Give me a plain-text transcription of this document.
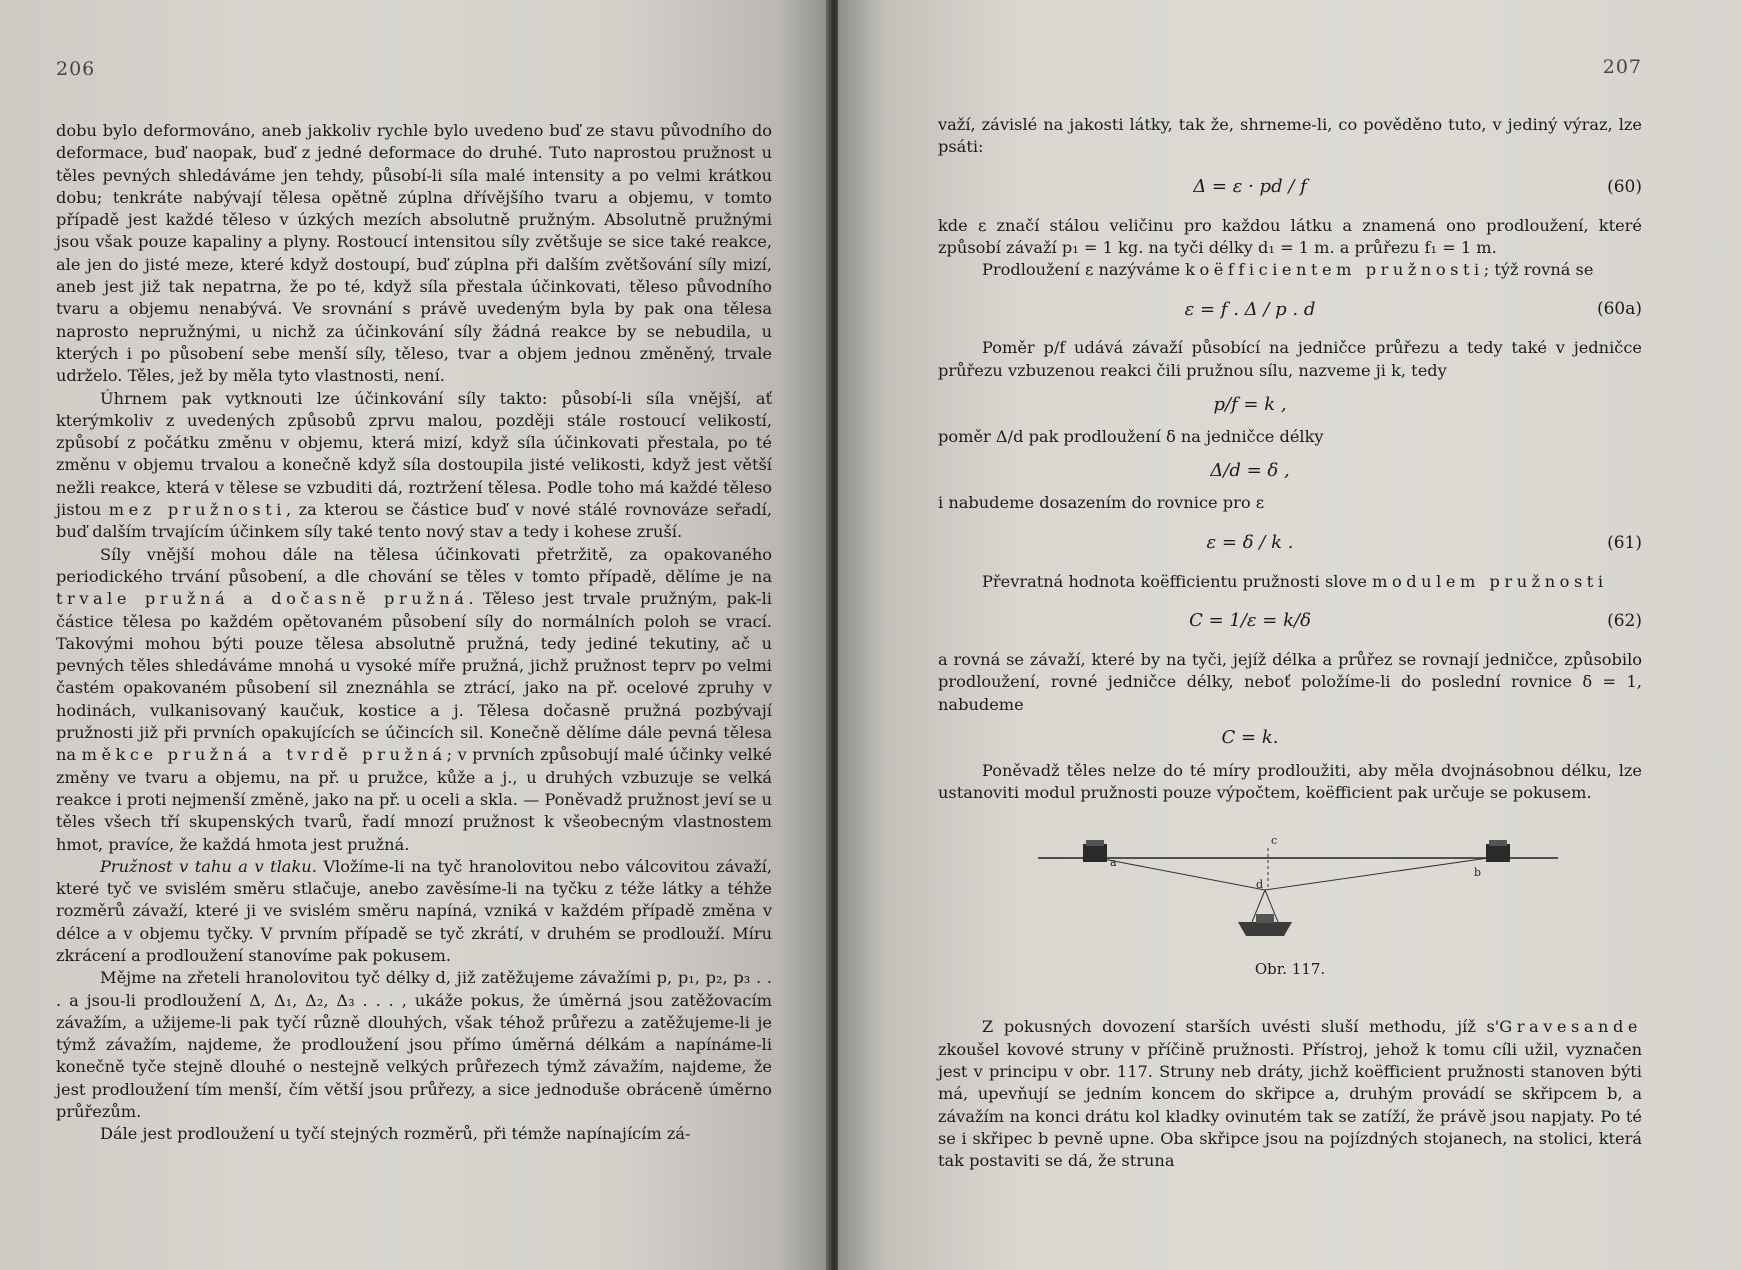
206

dobu bylo deformováno, aneb jakkoliv rychle bylo uvedeno buď ze stavu původního do deformace, buď naopak, buď z jedné deformace do druhé. Tuto naprostou pružnost u těles pevných shledáváme jen tehdy, působí-li síla malé intensity a po velmi krátkou dobu; tenkráte nabývají tělesa opětně zúplna dřívějšího tvaru a objemu, v tomto případě jest každé těleso v úzkých mezích absolutně pružným. Absolutně pružnými jsou však pouze kapaliny a plyny. Rostoucí intensitou síly zvětšuje se sice také reakce, ale jen do jisté meze, které když dostoupí, buď zúplna při dalším zvětšování síly mizí, aneb jest již tak nepatrna, že po té, když síla přestala účinkovati, těleso původního tvaru a objemu nenabývá. Ve srovnání s právě uvedeným byla by pak ona tělesa naprosto nepružnými, u nichž za účinkování síly žádná reakce by se nebudila, u kterých i po působení sebe menší síly, těleso, tvar a objem jednou změněný, trvale udrželo. Těles, jež by měla tyto vlastnosti, není.

Úhrnem pak vytknouti lze účinkování síly takto: působí-li síla vnější, ať kterýmkoliv z uvedených způsobů zprvu malou, později stále rostoucí velikostí, způsobí z počátku změnu v objemu, která mizí, když síla účinkovati přestala, po té změnu v objemu trvalou a konečně když síla dostoupila jisté velikosti, když jest větší nežli reakce, která v tělese se vzbuditi dá, roztržení tělesa. Podle toho má každé těleso jistou mez pružnosti, za kterou se částice buď v nové stálé rovnováze seřadí, buď dalším trvajícím účinkem síly také tento nový stav a tedy i kohese zruší.

Síly vnější mohou dále na tělesa účinkovati přetržitě, za opakovaného periodického trvání působení, a dle chování se těles v tomto případě, dělíme je na trvale pružná a dočasně pružná. Těleso jest trvale pružným, pak-li částice tělesa po každém opětovaném působení síly do normálních poloh se vrací. Takovými mohou býti pouze tělesa absolutně pružná, tedy jediné tekutiny, ač u pevných těles shledáváme mnohá u vysoké míře pružná, jichž pružnost teprv po velmi častém opakovaném působení sil zneznáhla se ztrácí, jako na př. ocelové zpruhy v hodinách, vulkanisovaný kaučuk, kostice a j. Tělesa dočasně pružná pozbývají pružnosti již při prvních opakujících se účincích sil. Konečně dělíme dále pevná tělesa na měkce pružná a tvrdě pružná; v prvních způsobují malé účinky velké změny ve tvaru a objemu, na př. u pružce, kůže a j., u druhých vzbuzuje se velká reakce i proti nejmenší změně, jako na př. u oceli a skla. — Poněvadž pružnost jeví se u těles všech tří skupenských tvarů, řadí mnozí pružnost k všeobecným vlastnostem hmot, pravíce, že každá hmota jest pružná.

Pružnost v tahu a v tlaku. Vložíme-li na tyč hranolovitou nebo válcovitou závaží, které tyč ve svislém směru stlačuje, anebo zavěsíme-li na tyčku z téže látky a téhže rozměrů závaží, které ji ve svislém směru napíná, vzniká v každém případě změna v délce a v objemu tyčky. V prvním případě se tyč zkrátí, v druhém se prodlouží. Míru zkrácení a prodloužení stanovíme pak pokusem.

Mějme na zřeteli hranolovitou tyč délky d, již zatěžujeme závažími p, p₁, p₂, p₃ . . . a jsou-li prodloužení Δ, Δ₁, Δ₂, Δ₃ . . . , ukáže pokus, že úměrná jsou zatěžovacím závažím, a užijeme-li pak tyčí různě dlouhých, však téhož průřezu a zatěžujeme-li je týmž závažím, najdeme, že prodloužení jsou přímo úměrná délkám a napínáme-li konečně tyče stejně dlouhé o nestejně velkých průřezech týmž závažím, najdeme, že jest prodloužení tím menší, čím větší jsou průřezy, a sice jednoduše obráceně úměrno průřezům.

Dále jest prodloužení u tyčí stejných rozměrů, při témže napínajícím zá-

207

važí, závislé na jakosti látky, tak že, shrneme-li, co pověděno tuto, v jediný výraz, lze psáti:

Δ = ε · pd / f	(60)

kde ε značí stálou veličinu pro každou látku a znamená ono prodloužení, které způsobí závaží p₁ = 1 kg. na tyči délky d₁ = 1 m. a průřezu f₁ = 1 m.

Prodloužení ε nazýváme koëfficientem pružnosti; týž rovná se

ε = f . Δ / p . d	(60a)

Poměr p/f udává závaží působící na jedničce průřezu a tedy také v jedničce průřezu vzbuzenou reakci čili pružnou sílu, nazveme ji k, tedy

p/f = k ,

poměr Δ/d pak prodloužení δ na jedničce délky

Δ/d = δ ,

i nabudeme dosazením do rovnice pro ε

ε = δ / k .	(61)

Převratná hodnota koëfficientu pružnosti slove modulem pružnosti

C = 1/ε = k/δ	(62)

a rovná se závaží, které by na tyči, jejíž délka a průřez se rovnají jedničce, způsobilo prodloužení, rovné jedničce délky, neboť položíme-li do poslední rovnice δ = 1, nabudeme

C = k.

Poněvadž těles nelze do té míry prodloužiti, aby měla dvojnásobnou délku, lze ustanoviti modul pružnosti pouze výpočtem, koëfficient pak určuje se pokusem.

a
b
c
d
Obr. 117.

Z pokusných dovození starších uvésti sluší methodu, jíž s'Gravesande zkoušel kovové struny v příčině pružnosti. Přístroj, jehož k tomu cíli užil, vyznačen jest v principu v obr. 117. Struny neb dráty, jichž koëfficient pružnosti stanoven býti má, upevňují se jedním koncem do skřipce a, druhým provádí se skřipcem b, a závažím na konci drátu kol kladky ovinutém tak se zatíží, že právě jsou napjaty. Po té se i skřipec b pevně upne. Oba skřipce jsou na pojízdných stojanech, na stolici, která tak postaviti se dá, že struna
